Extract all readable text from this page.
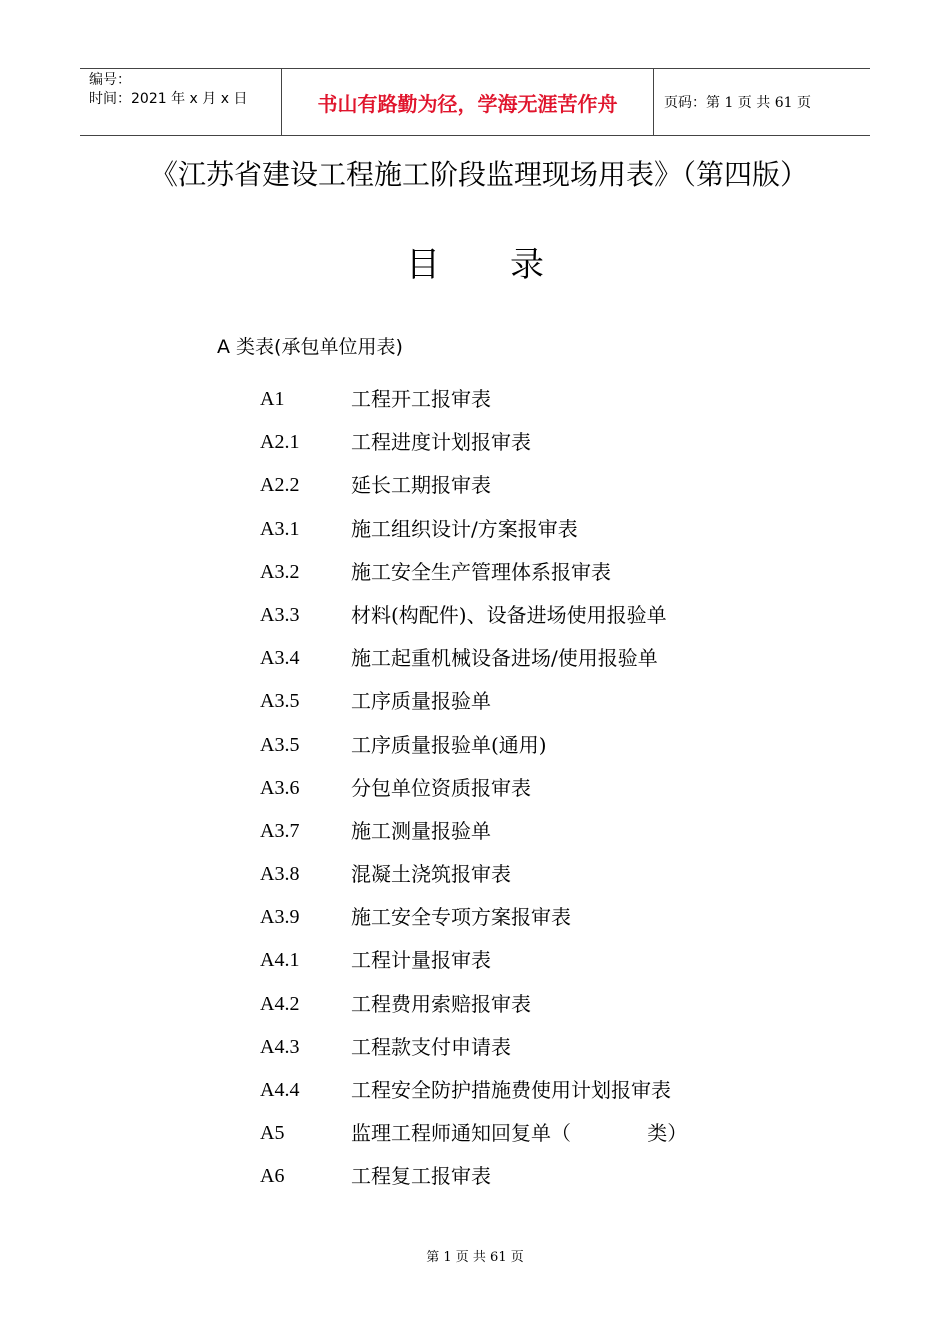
编号：
时间：2021 年 x 月 x 日	书山有路勤为径，学海无涯苦作舟	页码：第 1 页 共 61 页
《江苏省建设工程施工阶段监理现场用表》（第四版）
目录
A 类表(承包单位用表)
A1	工程开工报审表
A2.1	工程进度计划报审表
A2.2	延长工期报审表
A3.1	施工组织设计/方案报审表
A3.2	施工安全生产管理体系报审表
A3.3	材料(构配件)、设备进场使用报验单
A3.4	施工起重机械设备进场/使用报验单
A3.5	工序质量报验单
A3.5	工序质量报验单(通用)
A3.6	分包单位资质报审表
A3.7	施工测量报验单
A3.8	混凝土浇筑报审表
A3.9	施工安全专项方案报审表
A4.1	工程计量报审表
A4.2	工程费用索赔报审表
A4.3	工程款支付申请表
A4.4	工程安全防护措施费使用计划报审表
A5	监理工程师通知回复单（            类）
A6	工程复工报审表
第 1 页 共 61 页
